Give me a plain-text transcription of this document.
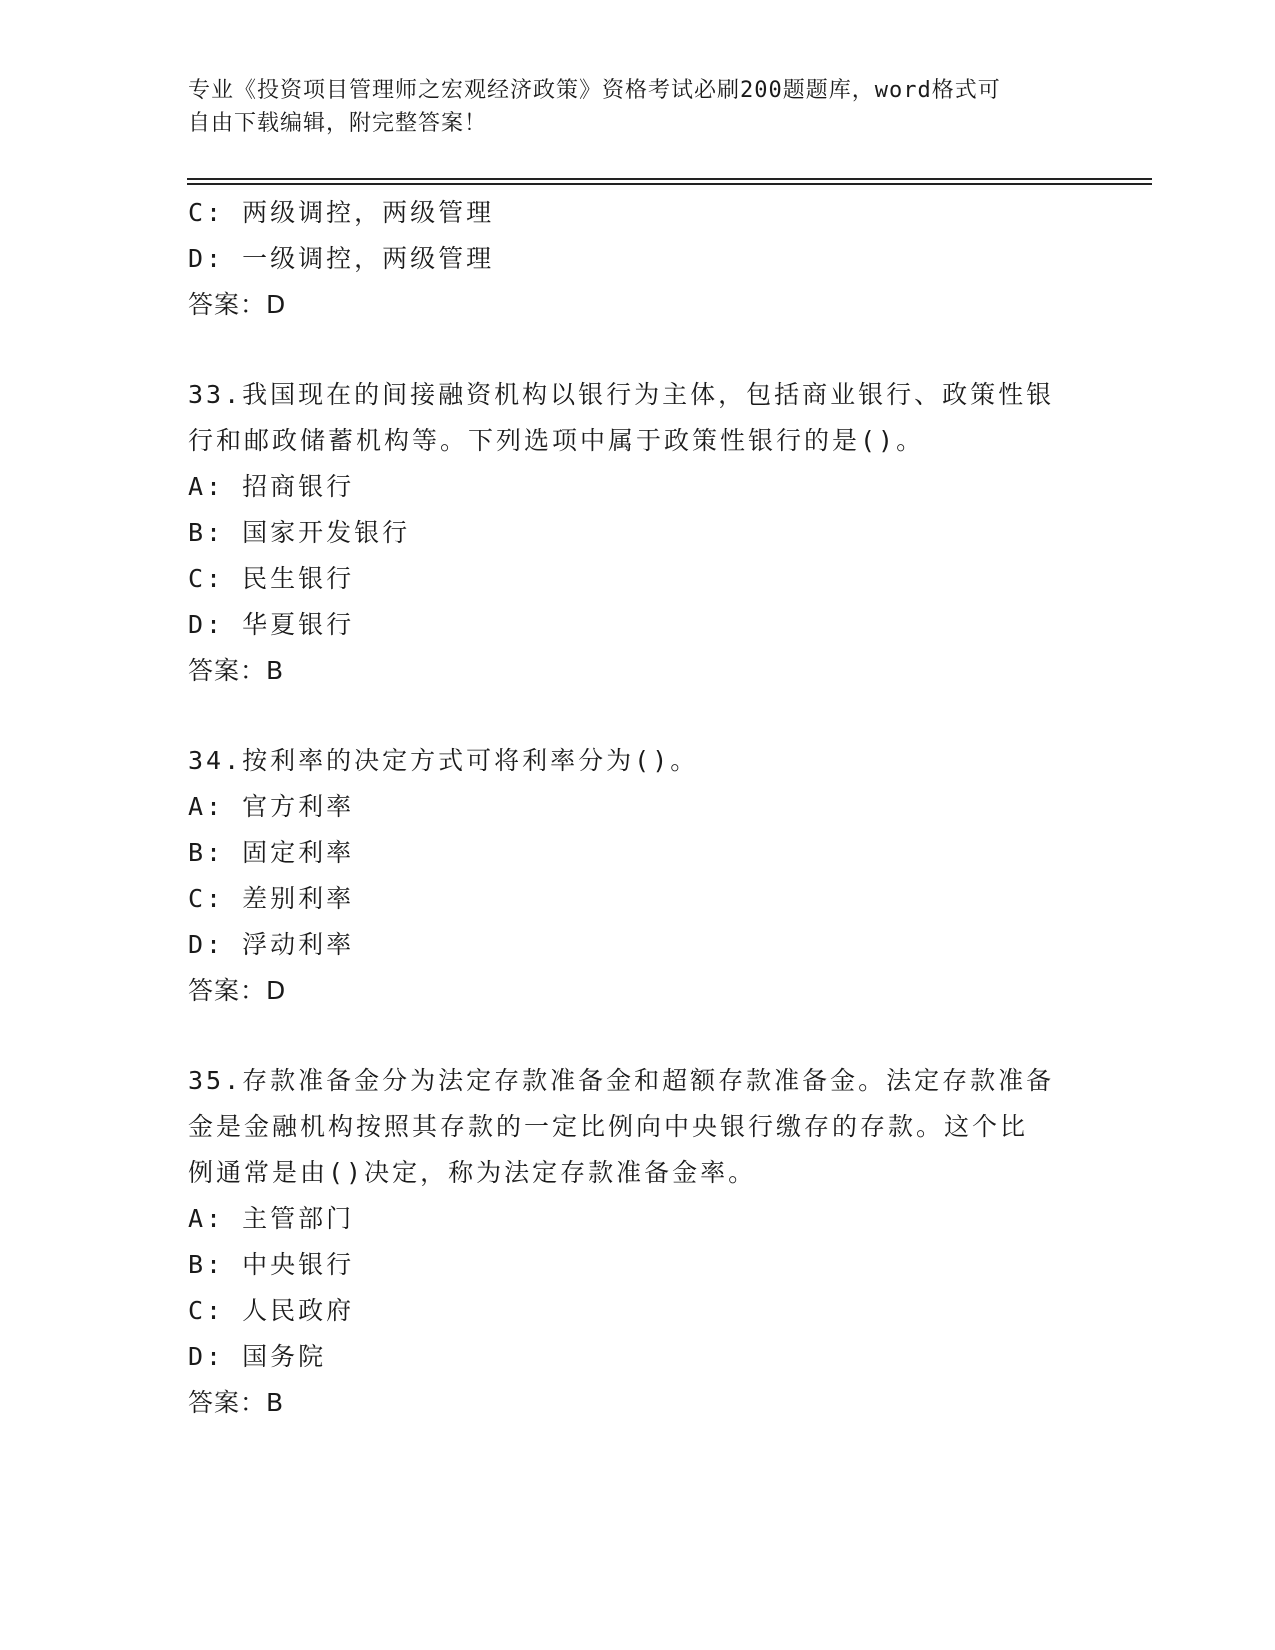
专业《投资项目管理师之宏观经济政策》资格考试必刷200题题库，word格式可
自由下载编辑，附完整答案！
C: 两级调控，两级管理
D: 一级调控，两级管理
答案：D
33.我国现在的间接融资机构以银行为主体，包括商业银行、政策性银
行和邮政储蓄机构等。下列选项中属于政策性银行的是()。
A: 招商银行
B: 国家开发银行
C: 民生银行
D: 华夏银行
答案：B
34.按利率的决定方式可将利率分为()。
A: 官方利率
B: 固定利率
C: 差别利率
D: 浮动利率
答案：D
35.存款准备金分为法定存款准备金和超额存款准备金。法定存款准备
金是金融机构按照其存款的一定比例向中央银行缴存的存款。这个比
例通常是由()决定，称为法定存款准备金率。
A: 主管部门
B: 中央银行
C: 人民政府
D: 国务院
答案：B
